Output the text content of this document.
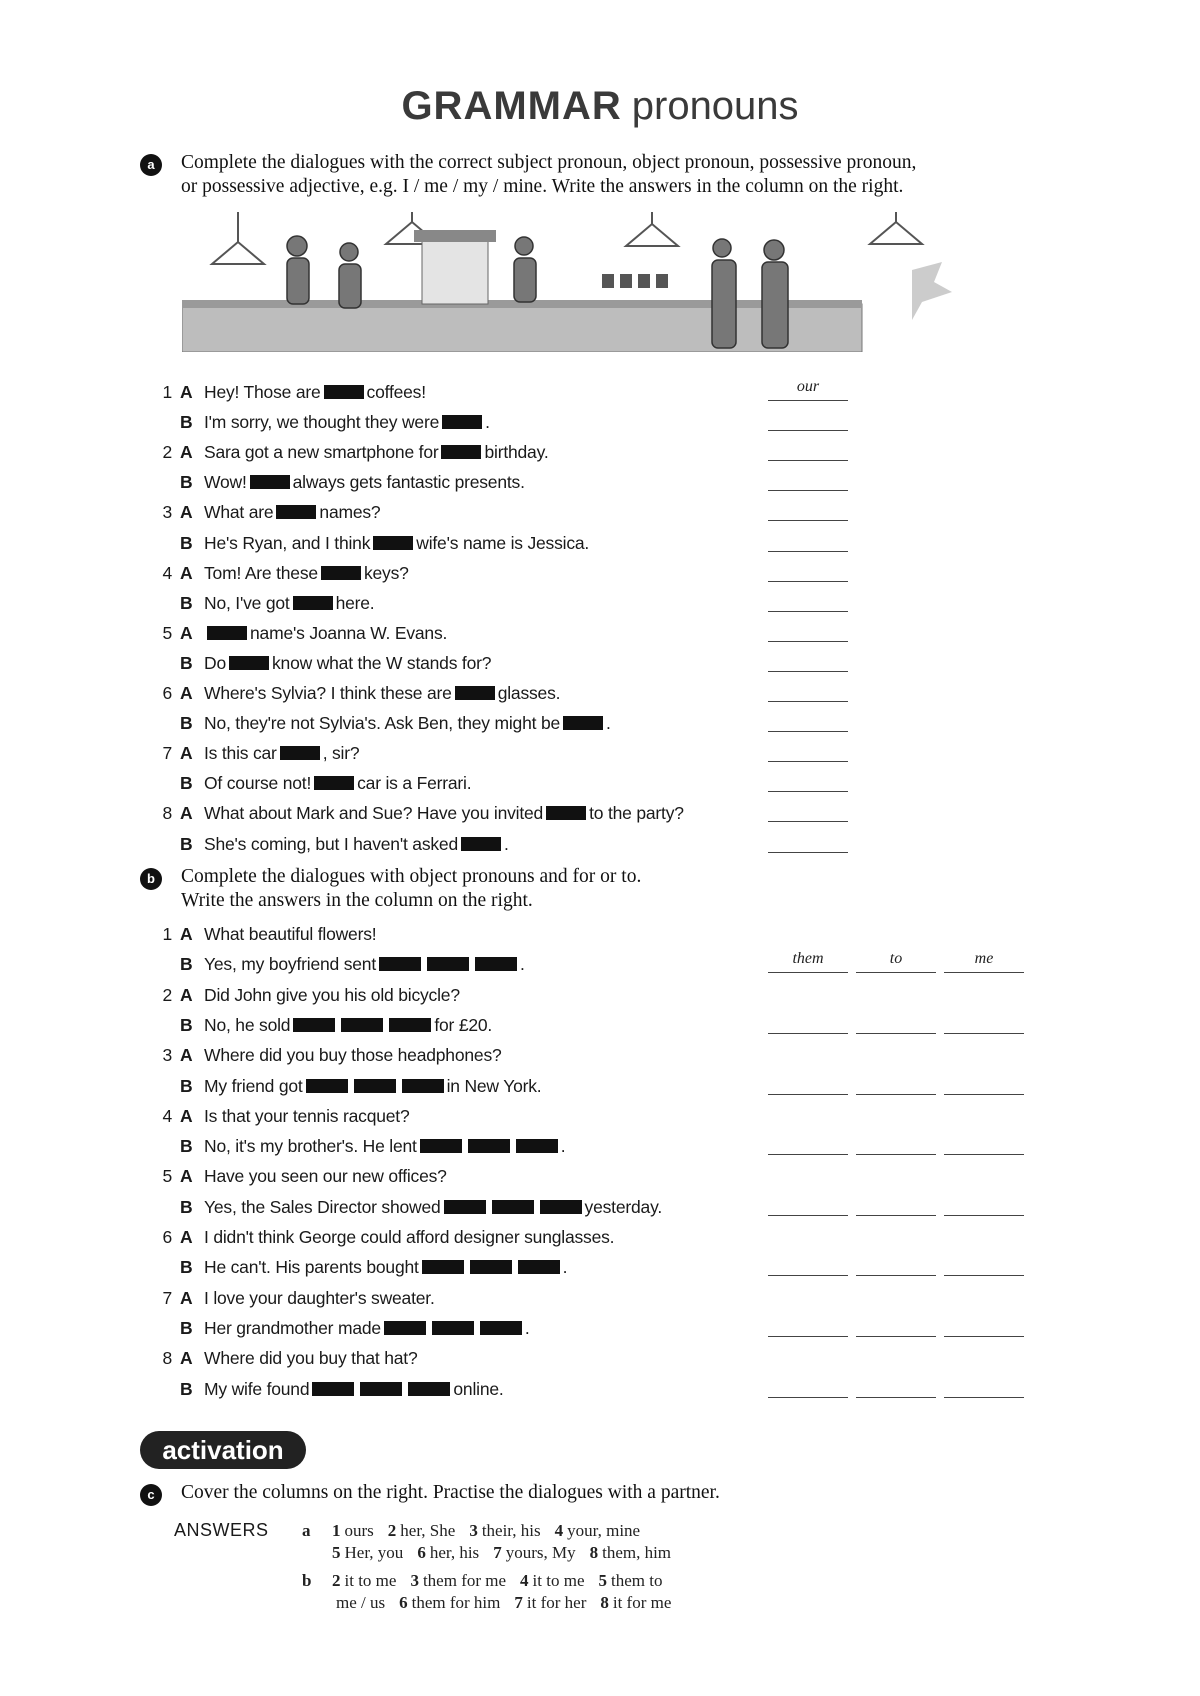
GRAMMAR pronouns
a	Complete the dialogues with the correct subject pronoun, object pronoun, possessive pronoun,
or possessive adjective, e.g. I / me / my / mine. Write the answers in the column on the right.
1 A Hey! Those are	coffees!	our
B I'm sorry, we thought they were	.
2 A Sara got a new smartphone for	birthday.
B Wow!	always gets fantastic presents.
3 A What are	names?
B He's Ryan, and I think	wife's name is Jessica.
4 A Tom! Are these	keys?
B No, I've got	here.
5 A	name's Joanna W. Evans.
B Do	know what the W stands for?
6 A Where's Sylvia? I think these are	glasses.
B No, they're not Sylvia's. Ask Ben, they might be	.
7 A Is this car	, sir?
B Of course not!	car is a Ferrari.
8 A What about Mark and Sue? Have you invited	to the party?
B She's coming, but I haven't asked	.
b	Complete the dialogues with object pronouns and for or to.
Write the answers in the column on the right.
1 A What beautiful flowers!
B Yes, my boyfriend sent	.	them	to	me
2 A Did John give you his old bicycle?
B No, he sold	for £20.
3 A Where did you buy those headphones?
B My friend got	in New York.
4 A Is that your tennis racquet?
B No, it's my brother's. He lent	.
5 A Have you seen our new offices?
B Yes, the Sales Director showed	yesterday.
6 A I didn't think George could afford designer sunglasses.
B He can't. His parents bought	.
7 A I love your daughter's sweater.
B Her grandmother made	.
8 A Where did you buy that hat?
B My wife found	online.
activation
c	Cover the columns on the right. Practise the dialogues with a partner.
ANSWERS a 1 ours 2 her, She 3 their, his 4 your, mine
5 Her, you 6 her, his 7 yours, My 8 them, him
b 2 it to me 3 them for me 4 it to me 5 them to
me / us 6 them for him 7 it for her 8 it for me
